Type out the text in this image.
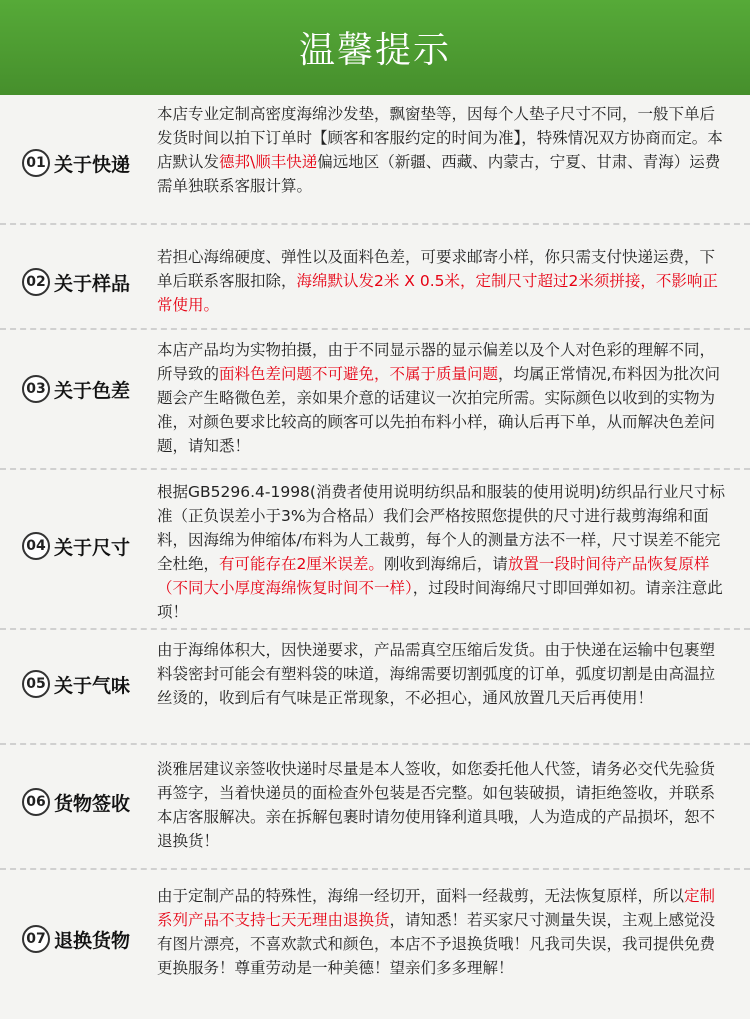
温馨提示
01 关于快递
本店专业定制高密度海绵沙发垫，飘窗垫等，因每个人垫子尺寸不同，一般下单后发货时间以拍下订单时【顾客和客服约定的时间为准】，特殊情况双方协商而定。本店默认发德邦\顺丰快递偏远地区（新疆、西藏、内蒙古，宁夏、甘肃、青海）运费需单独联系客服计算。
02 关于样品
若担心海绵硬度、弹性以及面料色差，可要求邮寄小样，你只需支付快递运费，下单后联系客服扣除，海绵默认发2米 X 0.5米，定制尺寸超过2米须拼接，不影响正常使用。
03 关于色差
本店产品均为实物拍摄，由于不同显示器的显示偏差以及个人对色彩的理解不同，所导致的面料色差问题不可避免，不属于质量问题，均属正常情况,布料因为批次问题会产生略微色差，亲如果介意的话建议一次拍完所需。实际颜色以收到的实物为准，对颜色要求比较高的顾客可以先拍布料小样，确认后再下单，从而解决色差问题，请知悉！
04 关于尺寸
根据GB5296.4-1998(消费者使用说明纺织品和服装的使用说明)纺织品行业尺寸标准（正负误差小于3%为合格品）我们会严格按照您提供的尺寸进行裁剪海绵和面料，因海绵为伸缩体/布料为人工裁剪，每个人的测量方法不一样，尺寸误差不能完全杜绝，有可能存在2厘米误差。刚收到海绵后，请放置一段时间待产品恢复原样（不同大小厚度海绵恢复时间不一样），过段时间海绵尺寸即回弹如初。请亲注意此项！
05 关于气味
由于海绵体积大，因快递要求，产品需真空压缩后发货。由于快递在运输中包裹塑料袋密封可能会有塑料袋的味道，海绵需要切割弧度的订单，弧度切割是由高温拉丝烫的，收到后有气味是正常现象，不必担心，通风放置几天后再使用！
06 货物签收
淡雅居建议亲签收快递时尽量是本人签收，如您委托他人代签，请务必交代先验货再签字，当着快递员的面检查外包装是否完整。如包装破损，请拒绝签收，并联系本店客服解决。亲在拆解包裹时请勿使用锋利道具哦，人为造成的产品损坏，恕不退换货！
07 退换货物
由于定制产品的特殊性，海绵一经切开，面料一经裁剪，无法恢复原样，所以定制系列产品不支持七天无理由退换货，请知悉！若买家尺寸测量失误，主观上感觉没有图片漂亮，不喜欢款式和颜色，本店不予退换货哦！凡我司失误，我司提供免费更换服务！尊重劳动是一种美德！望亲们多多理解！
